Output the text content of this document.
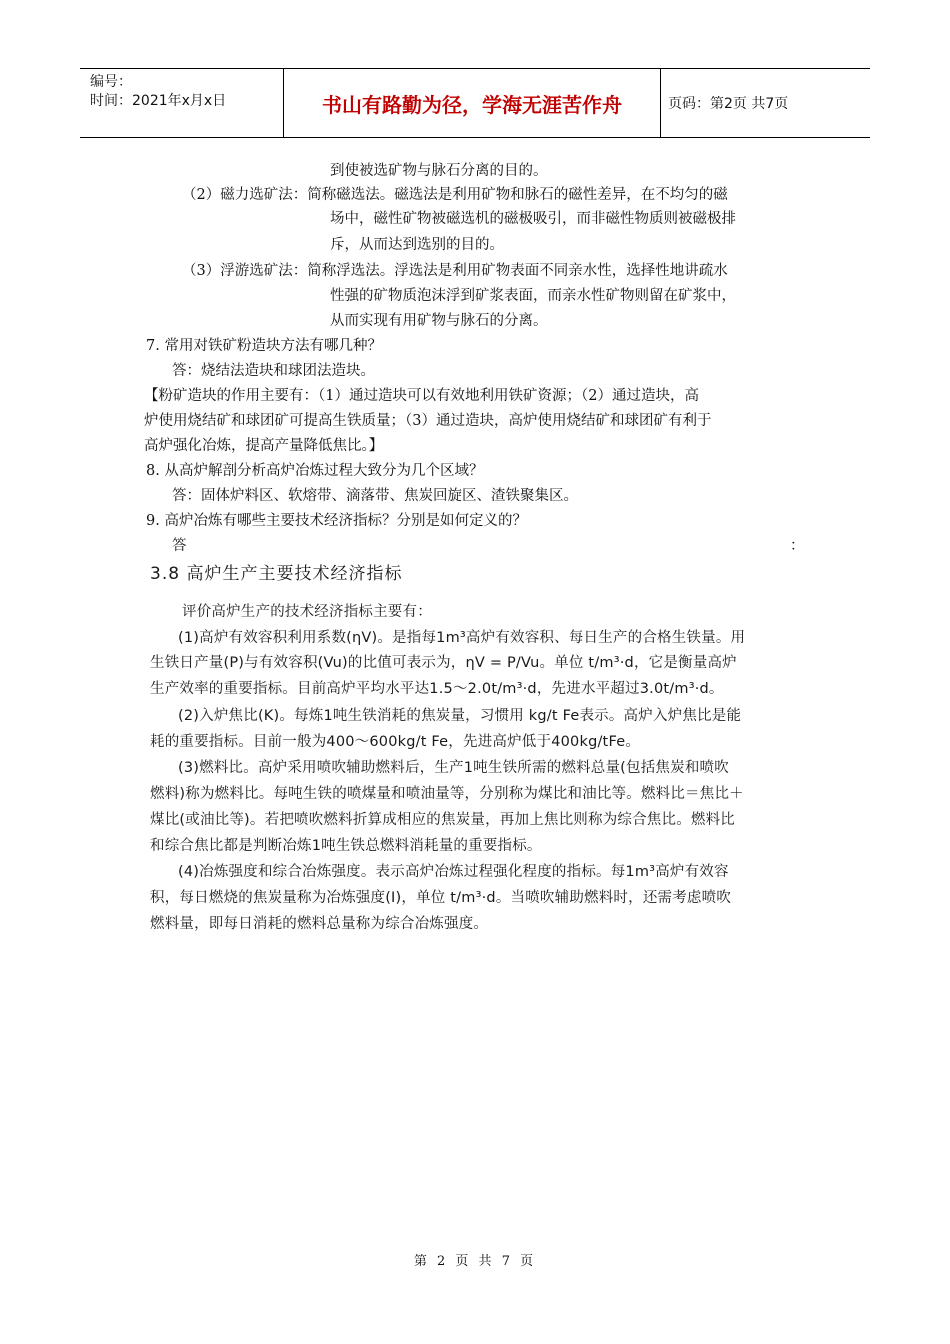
编号：
时间：2021年x月x日	书山有路勤为径，学海无涯苦作舟	页码：第2页 共7页
到使被选矿物与脉石分离的目的。
（2）磁力选矿法：简称磁选法。磁选法是利用矿物和脉石的磁性差异，在不均匀的磁
场中，磁性矿物被磁选机的磁极吸引，而非磁性物质则被磁极排
斥，从而达到选别的目的。
（3）浮游选矿法：简称浮选法。浮选法是利用矿物表面不同亲水性，选择性地讲疏水
性强的矿物质泡沫浮到矿浆表面，而亲水性矿物则留在矿浆中，
从而实现有用矿物与脉石的分离。
7. 常用对铁矿粉造块方法有哪几种？
答：烧结法造块和球团法造块。
【粉矿造块的作用主要有：（1）通过造块可以有效地利用铁矿资源；（2）通过造块，高
炉使用烧结矿和球团矿可提高生铁质量；（3）通过造块，高炉使用烧结矿和球团矿有利于
高炉强化冶炼，提高产量降低焦比。】
8. 从高炉解剖分析高炉冶炼过程大致分为几个区域？
答：固体炉料区、软熔带、滴落带、焦炭回旋区、渣铁聚集区。
9. 高炉冶炼有哪些主要技术经济指标？分别是如何定义的？
答	：
3.8 高炉生产主要技术经济指标
评价高炉生产的技术经济指标主要有：
(1)高炉有效容积利用系数(ηV)。是指每1m³高炉有效容积、每日生产的合格生铁量。用
生铁日产量(P)与有效容积(Vu)的比值可表示为，ηV = P/Vu。单位 t/m³·d，它是衡量高炉
生产效率的重要指标。目前高炉平均水平达1.5～2.0t/m³·d，先进水平超过3.0t/m³·d。
(2)入炉焦比(K)。每炼1吨生铁消耗的焦炭量，习惯用 kg/t Fe表示。高炉入炉焦比是能
耗的重要指标。目前一般为400～600kg/t Fe，先进高炉低于400kg/tFe。
(3)燃料比。高炉采用喷吹辅助燃料后，生产1吨生铁所需的燃料总量(包括焦炭和喷吹
燃料)称为燃料比。每吨生铁的喷煤量和喷油量等，分别称为煤比和油比等。燃料比＝焦比＋
煤比(或油比等)。若把喷吹燃料折算成相应的焦炭量，再加上焦比则称为综合焦比。燃料比
和综合焦比都是判断冶炼1吨生铁总燃料消耗量的重要指标。
(4)冶炼强度和综合冶炼强度。表示高炉冶炼过程强化程度的指标。每1m³高炉有效容
积，每日燃烧的焦炭量称为冶炼强度(I)，单位 t/m³·d。当喷吹辅助燃料时，还需考虑喷吹
燃料量，即每日消耗的燃料总量称为综合冶炼强度。
第 2 页 共 7 页
